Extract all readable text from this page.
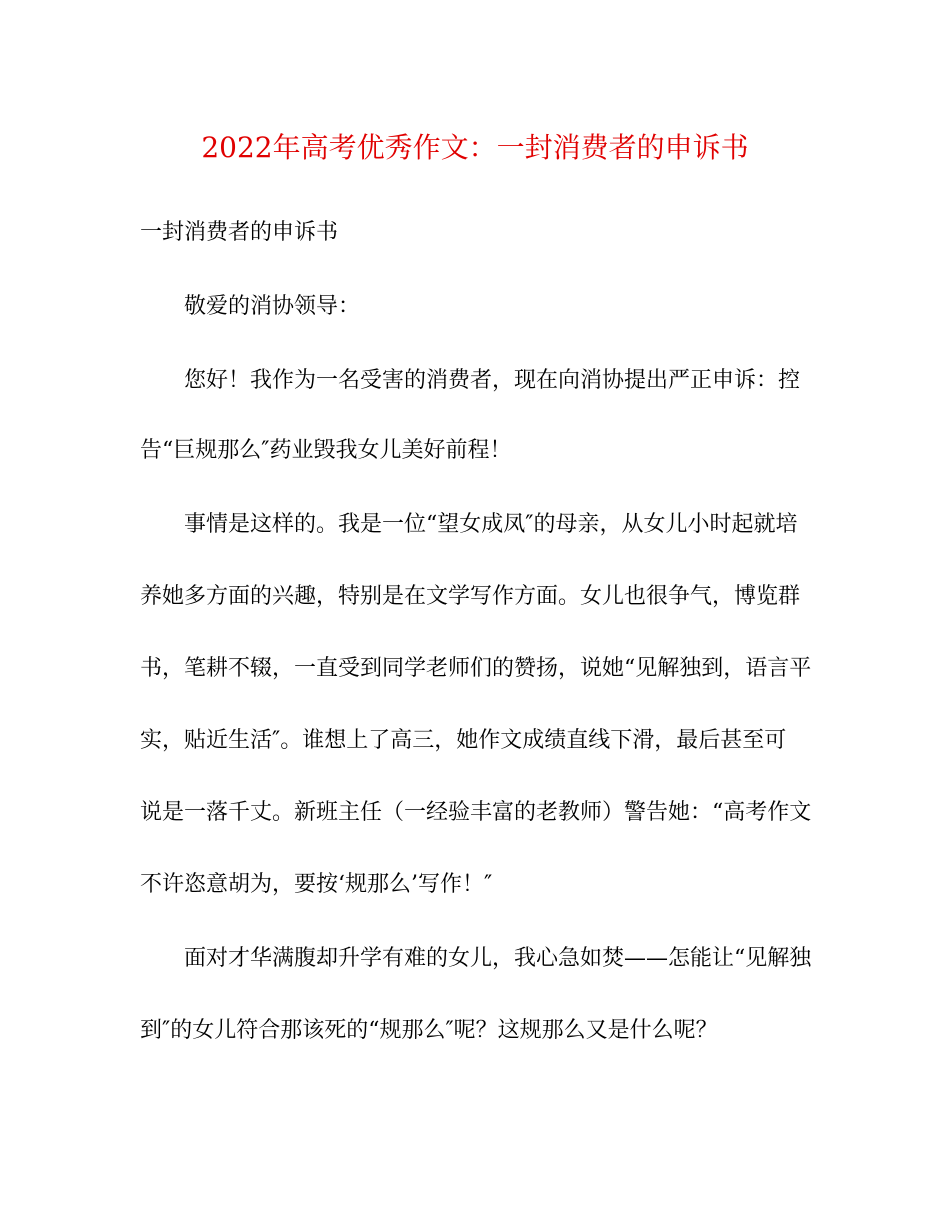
2022年高考优秀作文：一封消费者的申诉书
一封消费者的申诉书
敬爱的消协领导：
您好！我作为一名受害的消费者，现在向消协提出严正申诉：控
告“巨规那么″药业毁我女儿美好前程！
事情是这样的。我是一位“望女成凤″的母亲，从女儿小时起就培
养她多方面的兴趣，特别是在文学写作方面。女儿也很争气，博览群
书，笔耕不辍，一直受到同学老师们的赞扬，说她“见解独到，语言平
实，贴近生活″。谁想上了高三，她作文成绩直线下滑，最后甚至可
说是一落千丈。新班主任（一经验丰富的老教师）警告她：“高考作文
不许恣意胡为，要按‘规那么’写作！″
面对才华满腹却升学有难的女儿，我心急如焚——怎能让“见解独
到″的女儿符合那该死的“规那么″呢？这规那么又是什么呢？
